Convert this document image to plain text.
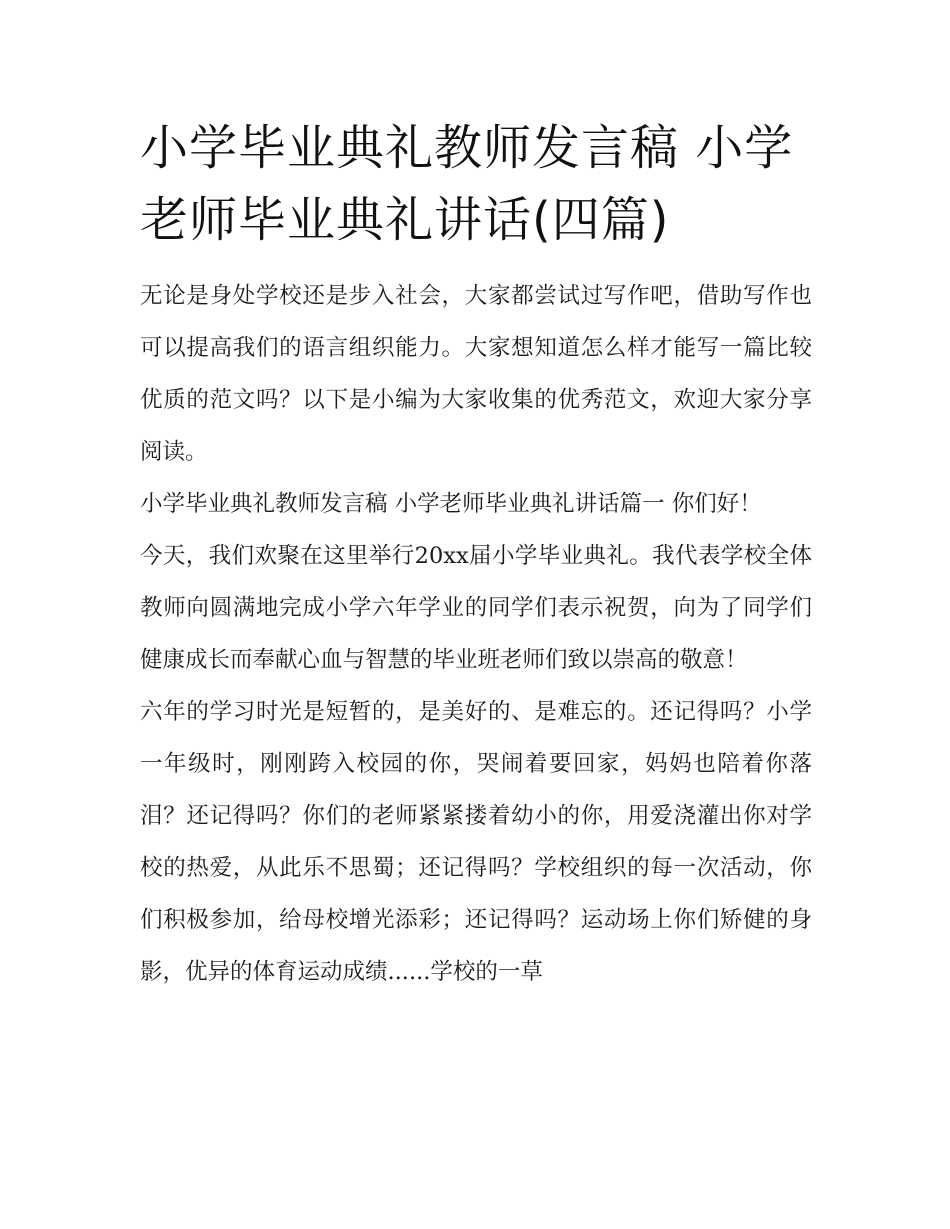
小学毕业典礼教师发言稿 小学老师毕业典礼讲话(四篇)

无论是身处学校还是步入社会，大家都尝试过写作吧，借助写作也可以提高我们的语言组织能力。大家想知道怎么样才能写一篇比较优质的范文吗？以下是小编为大家收集的优秀范文，欢迎大家分享阅读。

小学毕业典礼教师发言稿 小学老师毕业典礼讲话篇一 你们好！

今天，我们欢聚在这里举行20xx届小学毕业典礼。我代表学校全体教师向圆满地完成小学六年学业的同学们表示祝贺，向为了同学们健康成长而奉献心血与智慧的毕业班老师们致以崇高的敬意！

六年的学习时光是短暂的，是美好的、是难忘的。还记得吗？小学一年级时，刚刚跨入校园的你，哭闹着要回家，妈妈也陪着你落泪？还记得吗？你们的老师紧紧搂着幼小的你，用爱浇灌出你对学校的热爱，从此乐不思蜀；还记得吗？学校组织的每一次活动，你们积极参加，给母校增光添彩；还记得吗？运动场上你们矫健的身影，优异的体育运动成绩......学校的一草
